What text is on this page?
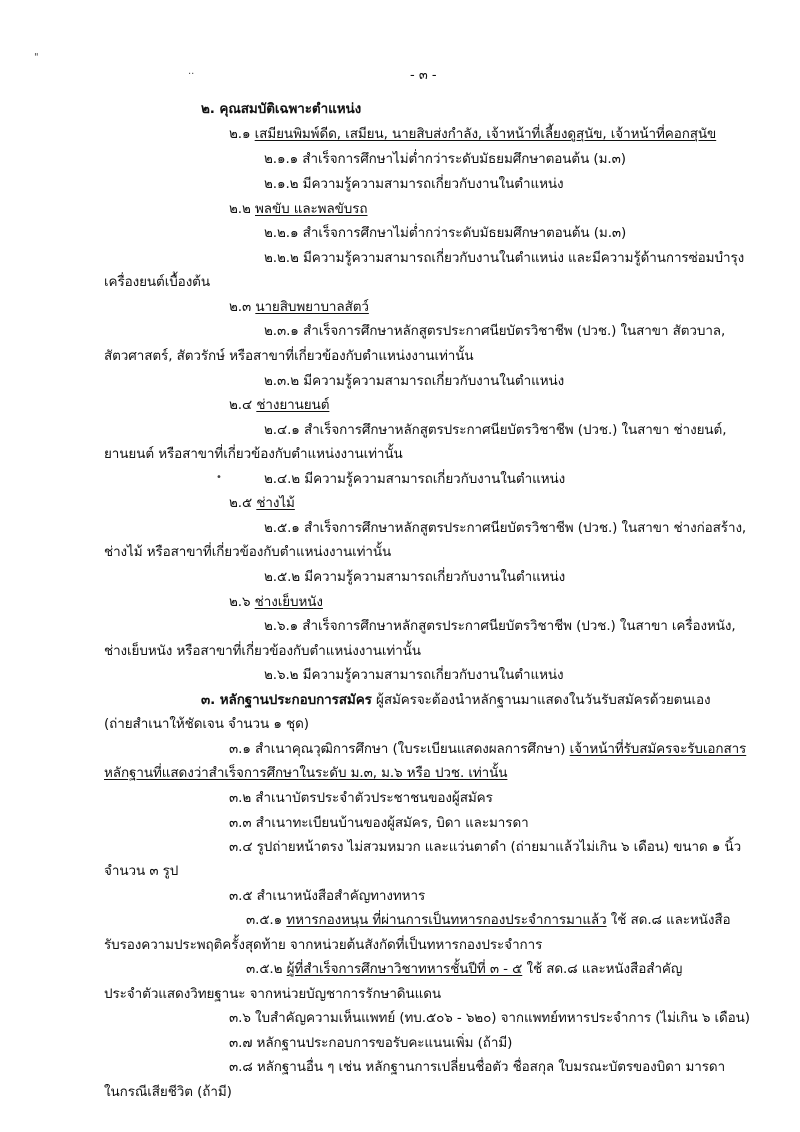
"
..	- ๓ -
๒. คุณสมบัติเฉพาะตำแหน่ง
๒.๑ เสมียนพิมพ์ดีด, เสมียน, นายสิบส่งกำลัง, เจ้าหน้าที่เลี้ยงดูสุนัข, เจ้าหน้าที่คอกสุนัข
๒.๑.๑ สำเร็จการศึกษาไม่ต่ำกว่าระดับมัธยมศึกษาตอนต้น (ม.๓)
๒.๑.๒ มีความรู้ความสามารถเกี่ยวกับงานในตำแหน่ง
๒.๒ พลขับ และพลขับรถ
๒.๒.๑ สำเร็จการศึกษาไม่ต่ำกว่าระดับมัธยมศึกษาตอนต้น (ม.๓)
๒.๒.๒ มีความรู้ความสามารถเกี่ยวกับงานในตำแหน่ง และมีความรู้ด้านการซ่อมบำรุง
เครื่องยนต์เบื้องต้น
๒.๓ นายสิบพยาบาลสัตว์
๒.๓.๑ สำเร็จการศึกษาหลักสูตรประกาศนียบัตรวิชาชีพ (ปวช.) ในสาขา สัตวบาล,
สัตวศาสตร์, สัตวรักษ์ หรือสาขาที่เกี่ยวข้องกับตำแหน่งงานเท่านั้น
๒.๓.๒ มีความรู้ความสามารถเกี่ยวกับงานในตำแหน่ง
๒.๔ ช่างยานยนต์
๒.๔.๑ สำเร็จการศึกษาหลักสูตรประกาศนียบัตรวิชาชีพ (ปวช.) ในสาขา ช่างยนต์,
ยานยนต์ หรือสาขาที่เกี่ยวข้องกับตำแหน่งงานเท่านั้น
•	๒.๔.๒ มีความรู้ความสามารถเกี่ยวกับงานในตำแหน่ง
๒.๕ ช่างไม้
๒.๕.๑ สำเร็จการศึกษาหลักสูตรประกาศนียบัตรวิชาชีพ (ปวช.) ในสาขา ช่างก่อสร้าง,
ช่างไม้ หรือสาขาที่เกี่ยวข้องกับตำแหน่งงานเท่านั้น
๒.๕.๒ มีความรู้ความสามารถเกี่ยวกับงานในตำแหน่ง
๒.๖ ช่างเย็บหนัง
๒.๖.๑ สำเร็จการศึกษาหลักสูตรประกาศนียบัตรวิชาชีพ (ปวช.) ในสาขา เครื่องหนัง,
ช่างเย็บหนัง หรือสาขาที่เกี่ยวข้องกับตำแหน่งงานเท่านั้น
๒.๖.๒ มีความรู้ความสามารถเกี่ยวกับงานในตำแหน่ง
๓. หลักฐานประกอบการสมัคร ผู้สมัครจะต้องนำหลักฐานมาแสดงในวันรับสมัครด้วยตนเอง
(ถ่ายสำเนาให้ชัดเจน จำนวน ๑ ชุด)
๓.๑ สำเนาคุณวุฒิการศึกษา (ใบระเบียนแสดงผลการศึกษา) เจ้าหน้าที่รับสมัครจะรับเอกสาร
หลักฐานที่แสดงว่าสำเร็จการศึกษาในระดับ ม.๓, ม.๖ หรือ ปวช. เท่านั้น
๓.๒ สำเนาบัตรประจำตัวประชาชนของผู้สมัคร
๓.๓ สำเนาทะเบียนบ้านของผู้สมัคร, บิดา และมารดา
๓.๔ รูปถ่ายหน้าตรง ไม่สวมหมวก และแว่นตาดำ (ถ่ายมาแล้วไม่เกิน ๖ เดือน) ขนาด ๑ นิ้ว
จำนวน ๓ รูป
๓.๕ สำเนาหนังสือสำคัญทางทหาร
๓.๕.๑ ทหารกองหนุน ที่ผ่านการเป็นทหารกองประจำการมาแล้ว ใช้ สด.๘ และหนังสือ
รับรองความประพฤติครั้งสุดท้าย จากหน่วยต้นสังกัดที่เป็นทหารกองประจำการ
๓.๕.๒ ผู้ที่สำเร็จการศึกษาวิชาทหารชั้นปีที่ ๓ - ๕ ใช้ สด.๘ และหนังสือสำคัญ
ประจำตัวแสดงวิทยฐานะ จากหน่วยบัญชาการรักษาดินแดน
๓.๖ ใบสำคัญความเห็นแพทย์ (ทบ.๕๐๖ - ๖๒๐) จากแพทย์ทหารประจำการ (ไม่เกิน ๖ เดือน)
๓.๗ หลักฐานประกอบการขอรับคะแนนเพิ่ม (ถ้ามี)
๓.๘ หลักฐานอื่น ๆ เช่น หลักฐานการเปลี่ยนชื่อตัว ชื่อสกุล ใบมรณะบัตรของบิดา มารดา
ในกรณีเสียชีวิต (ถ้ามี)
